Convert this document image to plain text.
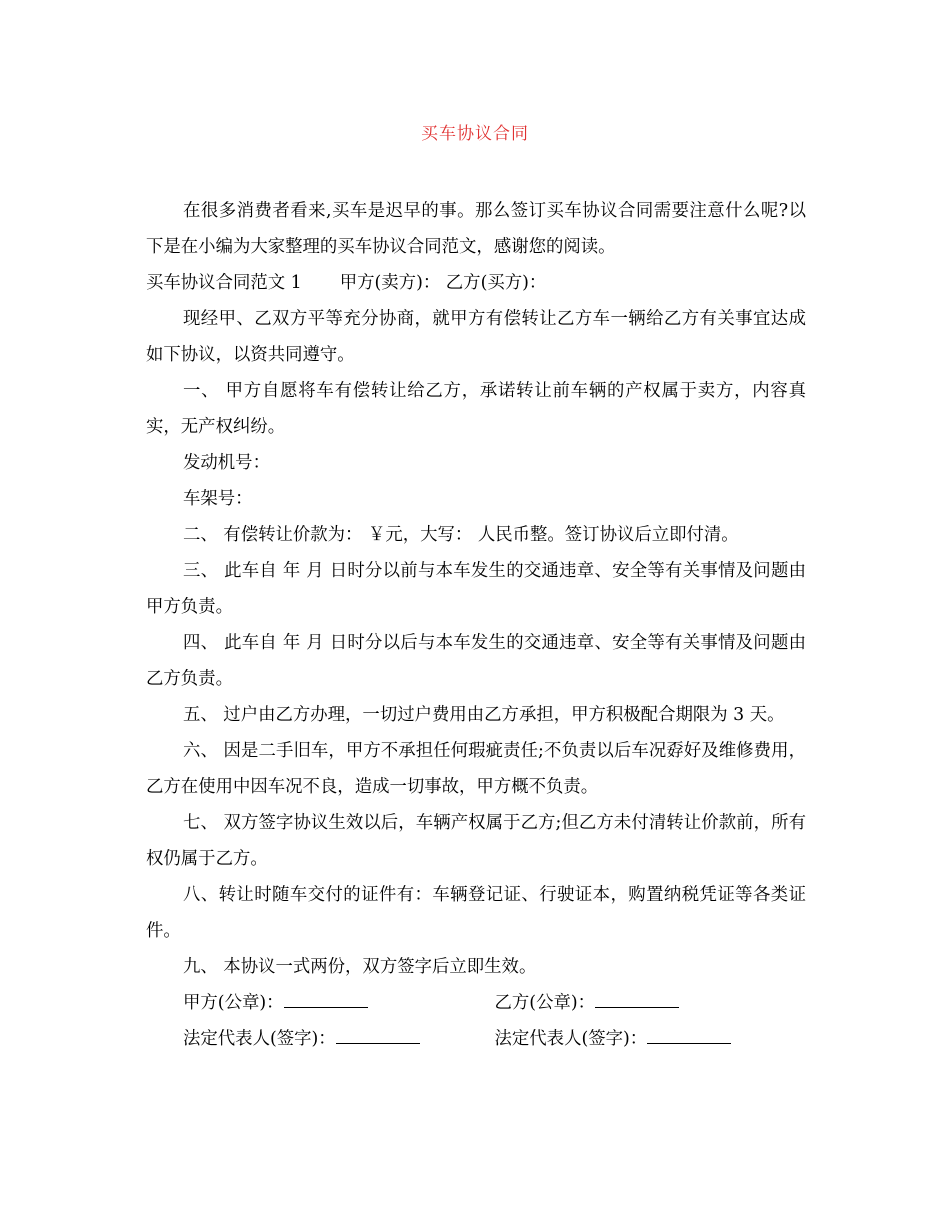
买车协议合同

在很多消费者看来,买车是迟早的事。那么签订买车协议合同需要注意什么呢?以下是在小编为大家整理的买车协议合同范文，感谢您的阅读。

买车协议合同范文 1 甲方(卖方)： 乙方(买方)：

现经甲、乙双方平等充分协商，就甲方有偿转让乙方车一辆给乙方有关事宜达成如下协议，以资共同遵守。

一、 甲方自愿将车有偿转让给乙方，承诺转让前车辆的产权属于卖方，内容真实，无产权纠纷。

发动机号：

车架号：

二、 有偿转让价款为： ￥元，大写： 人民币整。签订协议后立即付清。

三、 此车自 年 月 日时分以前与本车发生的交通违章、安全等有关事情及问题由甲方负责。

四、 此车自 年 月 日时分以后与本车发生的交通违章、安全等有关事情及问题由乙方负责。

五、 过户由乙方办理，一切过户费用由乙方承担，甲方积极配合期限为 3 天。

六、 因是二手旧车，甲方不承担任何瑕疵责任;不负责以后车况孬好及维修费用，乙方在使用中因车况不良，造成一切事故，甲方概不负责。

七、 双方签字协议生效以后，车辆产权属于乙方;但乙方未付清转让价款前，所有权仍属于乙方。

八、转让时随车交付的证件有：车辆登记证、行驶证本，购置纳税凭证等各类证件。

九、 本协议一式两份，双方签字后立即生效。

甲方(公章)：	乙方(公章)：
法定代表人(签字)：	法定代表人(签字)：
